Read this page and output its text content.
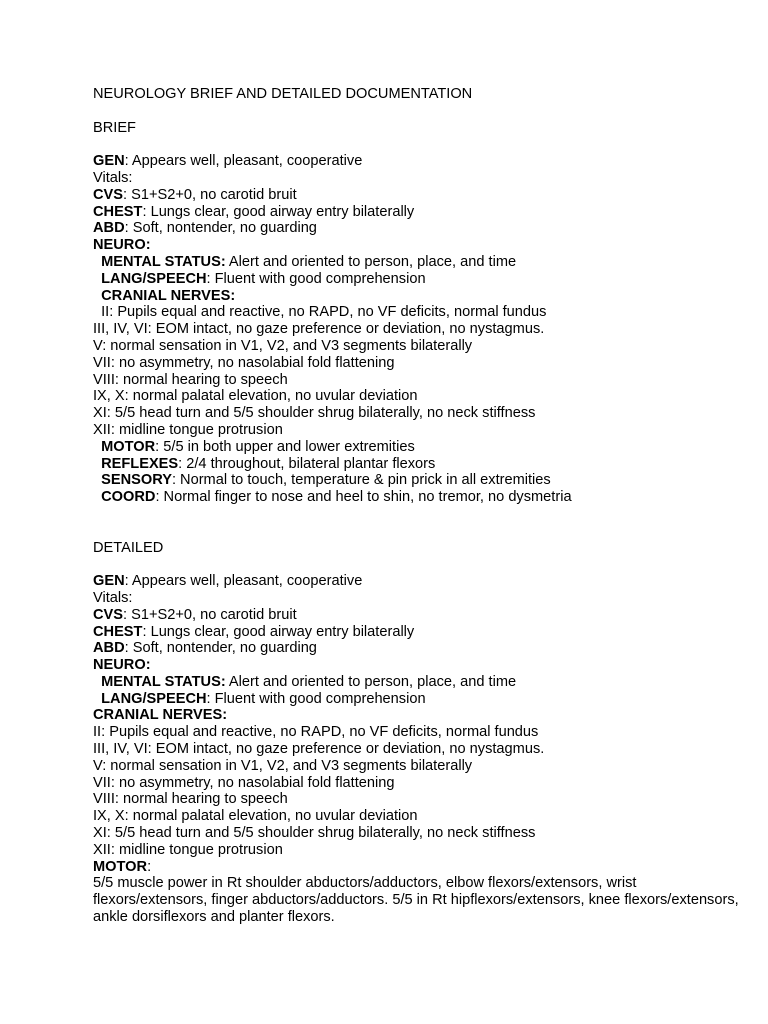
NEUROLOGY BRIEF AND DETAILED DOCUMENTATION
BRIEF
GEN: Appears well, pleasant, cooperative
Vitals:
CVS: S1+S2+0, no carotid bruit
CHEST: Lungs clear, good airway entry bilaterally
ABD: Soft, nontender, no guarding
NEURO:
MENTAL STATUS: Alert and oriented to person, place, and time
LANG/SPEECH: Fluent with good comprehension
CRANIAL NERVES:
II: Pupils equal and reactive, no RAPD, no VF deficits, normal fundus
III, IV, VI: EOM intact, no gaze preference or deviation, no nystagmus.
V: normal sensation in V1, V2, and V3 segments bilaterally
VII: no asymmetry, no nasolabial fold flattening
VIII: normal hearing to speech
IX, X: normal palatal elevation, no uvular deviation
XI: 5/5 head turn and 5/5 shoulder shrug bilaterally, no neck stiffness
XII: midline tongue protrusion
MOTOR: 5/5 in both upper and lower extremities
REFLEXES: 2/4 throughout, bilateral plantar flexors
SENSORY: Normal to touch, temperature & pin prick in all extremities
COORD: Normal finger to nose and heel to shin, no tremor, no dysmetria
DETAILED
GEN: Appears well, pleasant, cooperative
Vitals:
CVS: S1+S2+0, no carotid bruit
CHEST: Lungs clear, good airway entry bilaterally
ABD: Soft, nontender, no guarding
NEURO:
MENTAL STATUS: Alert and oriented to person, place, and time
LANG/SPEECH: Fluent with good comprehension
CRANIAL NERVES:
II: Pupils equal and reactive, no RAPD, no VF deficits, normal fundus
III, IV, VI: EOM intact, no gaze preference or deviation, no nystagmus.
V: normal sensation in V1, V2, and V3 segments bilaterally
VII: no asymmetry, no nasolabial fold flattening
VIII: normal hearing to speech
IX, X: normal palatal elevation, no uvular deviation
XI: 5/5 head turn and 5/5 shoulder shrug bilaterally, no neck stiffness
XII: midline tongue protrusion
MOTOR:
5/5 muscle power in Rt shoulder abductors/adductors, elbow flexors/extensors, wrist flexors/extensors, finger abductors/adductors. 5/5 in Rt hipflexors/extensors, knee flexors/extensors, ankle dorsiflexors and planter flexors.
